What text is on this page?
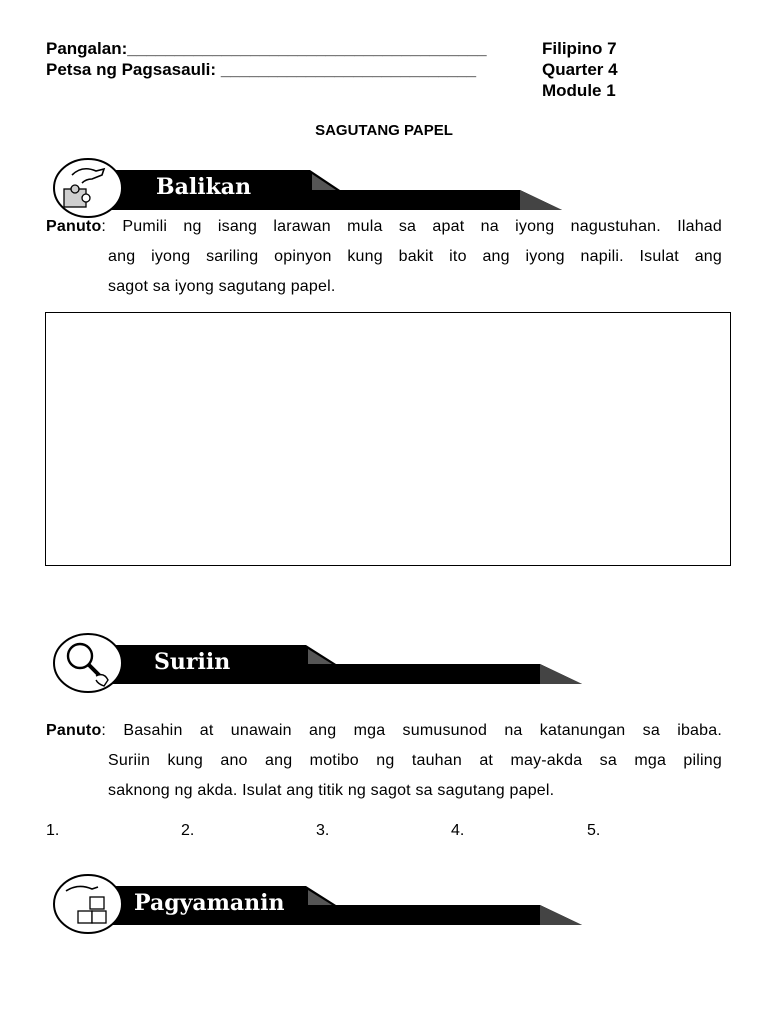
Pangalan:______________________________________
Petsa ng Pagsasauli: ___________________________
Filipino 7
Quarter 4
Module 1
SAGUTANG PAPEL
Balikan

Panuto: Pumili ng isang larawan mula sa apat na iyong nagustuhan. Ilahad

ang iyong sariling opinyon kung bakit ito ang iyong napili. Isulat ang

sagot sa iyong sagutang papel.

Suriin

Panuto: Basahin at unawain ang mga sumusunod na katanungan sa ibaba.

Suriin kung ano ang motibo ng tauhan at may-akda sa mga piling

saknong ng akda. Isulat ang titik ng sagot sa sagutang papel.

1.	2.	3.	4.	5.
Pagyamanin
